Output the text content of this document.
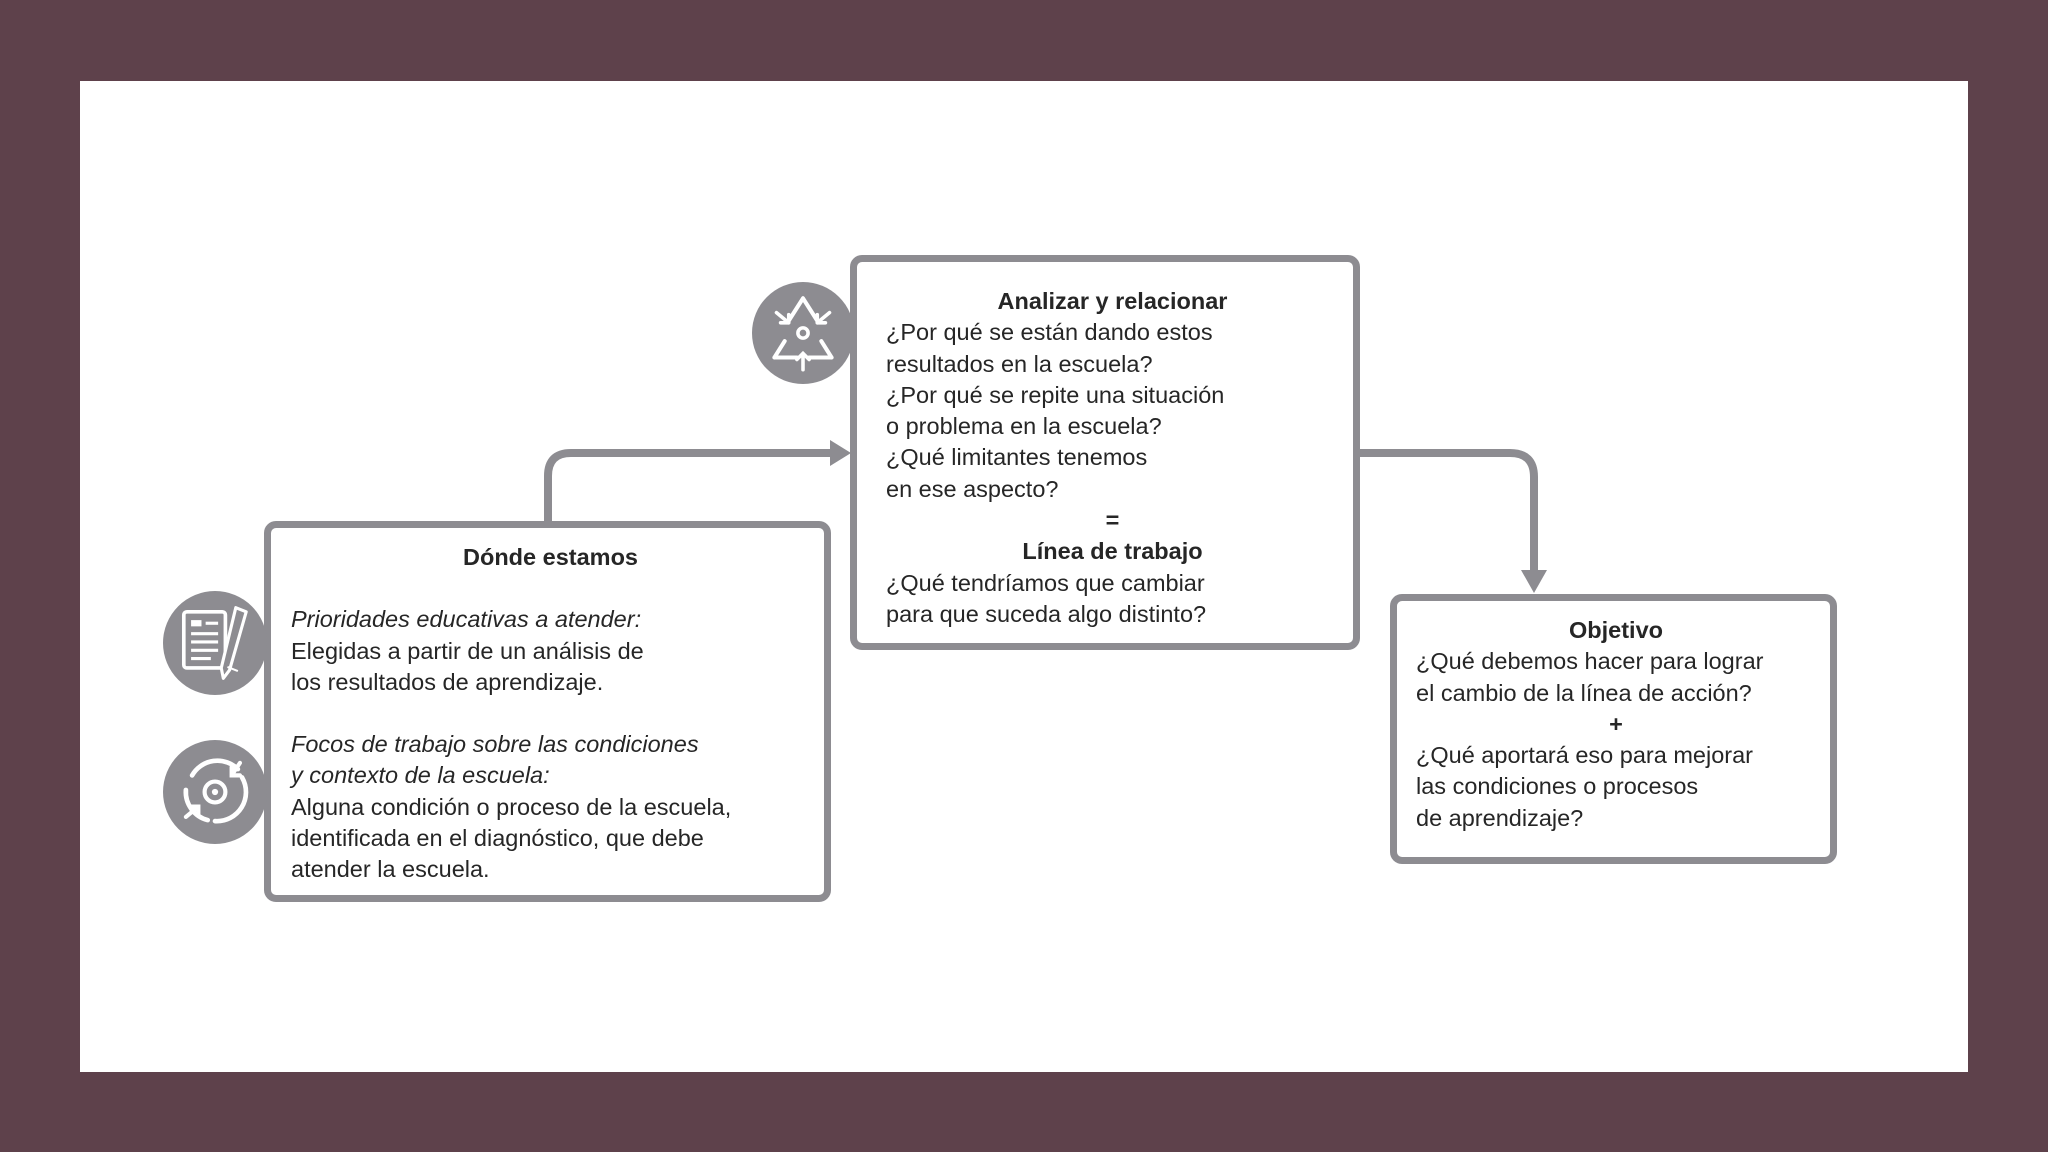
Dónde estamos
Prioridades educativas a atender:
Elegidas a partir de un análisis de
los resultados de aprendizaje.
Focos de trabajo sobre las condiciones
y contexto de la escuela:
Alguna condición o proceso de la escuela,
identificada en el diagnóstico, que debe
atender la escuela.
Analizar y relacionar
¿Por qué se están dando estos
resultados en la escuela?
¿Por qué se repite una situación
o problema en la escuela?
¿Qué limitantes tenemos
en ese aspecto?
=
Línea de trabajo
¿Qué tendríamos que cambiar
para que suceda algo distinto?
Objetivo
¿Qué debemos hacer para lograr
el cambio de la línea de acción?
+
¿Qué aportará eso para mejorar
las condiciones o procesos
de aprendizaje?
